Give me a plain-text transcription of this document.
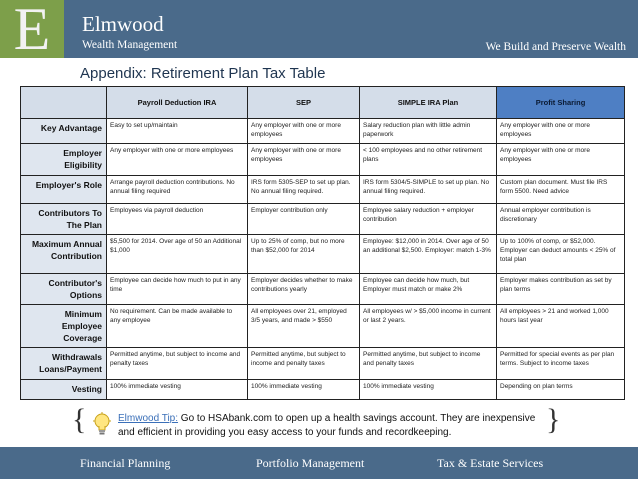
E	Elmwood
Wealth Management	We Build and Preserve Wealth
Appendix: Retirement Plan Tax Table
	Payroll Deduction IRA	SEP	SIMPLE IRA Plan	Profit Sharing
Key Advantage	Easy to set up/maintain	Any employer with one or more employees	Salary reduction plan with little admin paperwork	Any employer with one or more employees
Employer Eligibility	Any employer with one or more employees	Any employer with one or more employees	< 100 employees and no other retirement plans	Any employer with one or more employees
Employer's Role	Arrange payroll deduction contributions. No annual filing required	IRS form 5305-SEP to set up plan. No annual filing required.	IRS form 5304/5-SIMPLE to set up plan. No annual filing required.	Custom plan document. Must file IRS form 5500. Need advice
Contributors To The Plan	Employees via payroll deduction	Employer contribution only	Employee salary reduction + employer contribution	Annual employer contribution is discretionary
Maximum Annual Contribution	$5,500 for 2014. Over age of 50 an Additional $1,000	Up to 25% of comp, but no more than $52,000 for 2014	Employee: $12,000 in 2014. Over age of 50 an additional $2,500. Employer: match 1-3%	Up to 100% of comp, or $52,000. Employer can deduct amounts < 25% of total plan
Contributor's Options	Employee can decide how much to put in any time	Employer decides whether to make contributions yearly	Employee can decide how much, but Employer must match or make 2%	Employer makes contribution as set by plan terms
Minimum Employee Coverage	No requirement. Can be made available to any employee	All employees over 21, employed 3/5 years, and made > $550	All employees w/ > $5,000 income in current or last 2 years.	All employees > 21 and worked 1,000 hours last year
Withdrawals Loans/Payment	Permitted anytime, but subject to income and penalty taxes	Permitted anytime, but subject to income and penalty taxes	Permitted anytime, but subject to income and penalty taxes	Permitted for special events as per plan terms. Subject to income taxes
Vesting	100% immediate vesting	100% immediate vesting	100% immediate vesting	Depending on plan terms
{	Elmwood Tip: Go to HSAbank.com to open up a health savings account. They are inexpensive and efficient in providing you easy access to your funds and recordkeeping.	}
Financial Planning	Portfolio Management	Tax & Estate Services
